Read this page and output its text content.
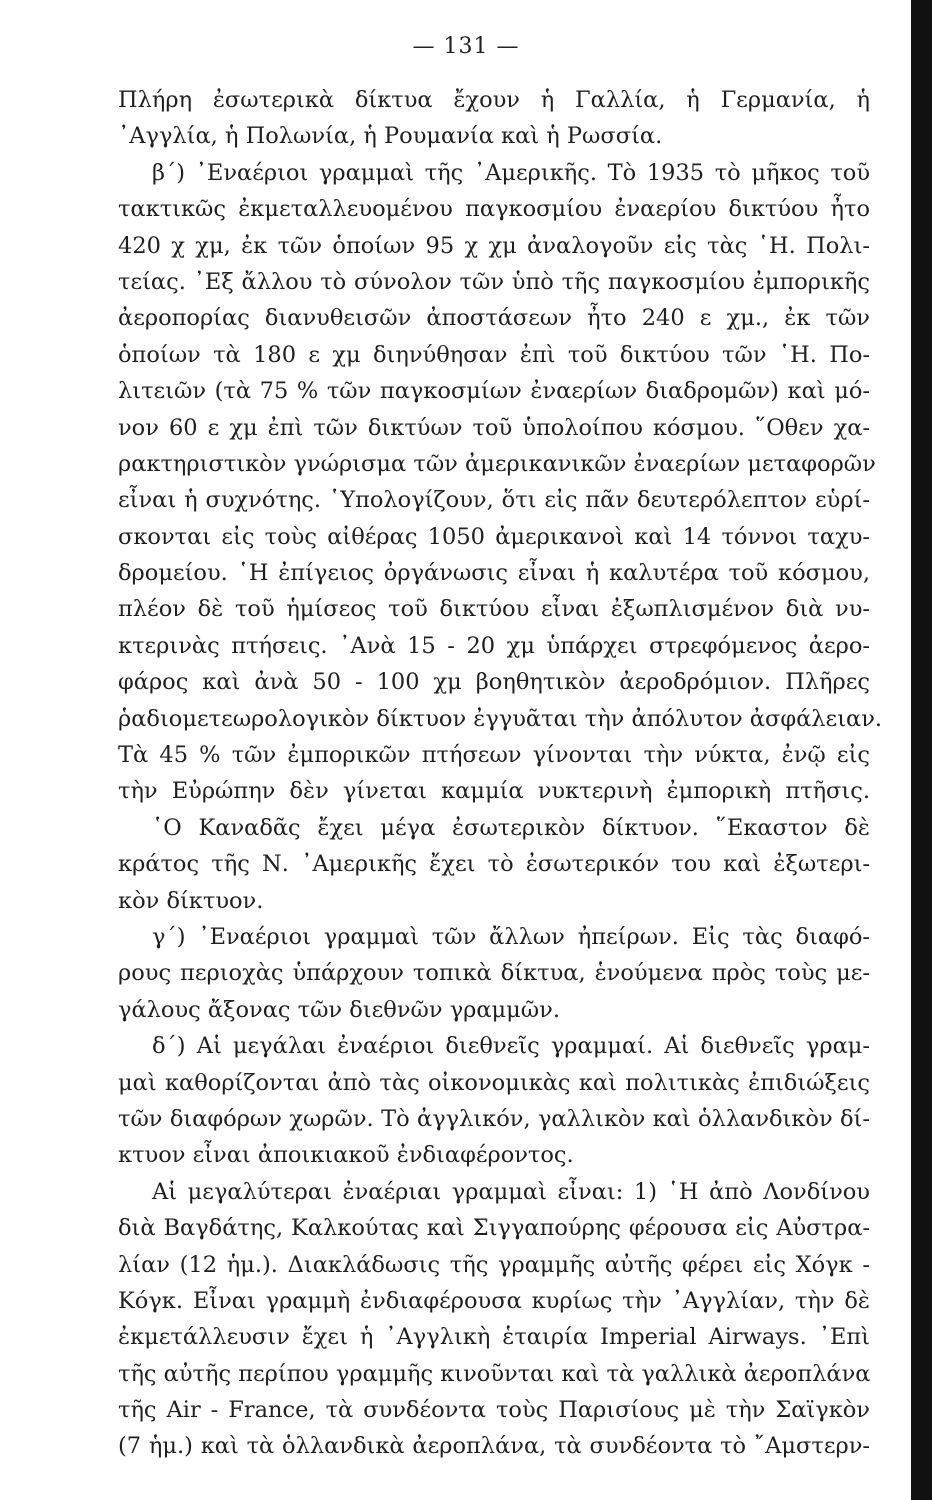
— 131 —
Πλήρη ἐσωτερικὰ δίκτυα ἔχουν ἡ Γαλλία, ἡ Γερμανία, ἡ
᾿Αγγλία, ἡ Πολωνία, ἡ Ρουμανία καὶ ἡ Ρωσσία.
β΄) ᾿Εναέριοι γραμμαὶ τῆς ᾿Αμερικῆς. Τὸ 1935 τὸ μῆκος τοῦ
τακτικῶς ἐκμεταλλευομένου παγκοσμίου ἐναερίου δικτύου ἦτο
420 χ χμ, ἐκ τῶν ὁποίων 95 χ χμ ἀναλογοῦν εἰς τὰς ῾Η. Πολι-
τείας. ᾿Εξ ἄλλου τὸ σύνολον τῶν ὑπὸ τῆς παγκοσμίου ἐμπορικῆς
ἀεροπορίας διανυθεισῶν ἀποστάσεων ἦτο 240 ε χμ., ἐκ τῶν
ὁποίων τὰ 180 ε χμ διηνύθησαν ἐπὶ τοῦ δικτύου τῶν ῾Η. Πο-
λιτειῶν (τὰ 75 % τῶν παγκοσμίων ἐναερίων διαδρομῶν) καὶ μό-
νον 60 ε χμ ἐπὶ τῶν δικτύων τοῦ ὑπολοίπου κόσμου. ῞Οθεν χα-
ρακτηριστικὸν γνώρισμα τῶν ἀμερικανικῶν ἐναερίων μεταφορῶν
εἶναι ἡ συχνότης. ῾Υπολογίζουν, ὅτι εἰς πᾶν δευτερόλεπτον εὑρί-
σκονται εἰς τοὺς αἰθέρας 1050 ἀμερικανοὶ καὶ 14 τόννοι ταχυ-
δρομείου. ῾Η ἐπίγειος ὀργάνωσις εἶναι ἡ καλυτέρα τοῦ κόσμου,
πλέον δὲ τοῦ ἡμίσεος τοῦ δικτύου εἶναι ἐξωπλισμένον διὰ νυ-
κτερινὰς πτήσεις. ᾿Ανὰ 15 - 20 χμ ὑπάρχει στρεφόμενος ἀερο-
φάρος καὶ ἀνὰ 50 - 100 χμ βοηθητικὸν ἀεροδρόμιον. Πλῆρες
ῥαδιομετεωρολογικὸν δίκτυον ἐγγυᾶται τὴν ἀπόλυτον ἀσφάλειαν.
Τὰ 45 % τῶν ἐμπορικῶν πτήσεων γίνονται τὴν νύκτα, ἐνῷ εἰς
τὴν Εὐρώπην δὲν γίνεται καμμία νυκτερινὴ ἐμπορικὴ πτῆσις.
῾Ο Καναδᾶς ἔχει μέγα ἐσωτερικὸν δίκτυον. ῞Εκαστον δὲ
κράτος τῆς Ν. ᾿Αμερικῆς ἔχει τὸ ἐσωτερικόν του καὶ ἐξωτερι-
κὸν δίκτυον.
γ΄) ᾿Εναέριοι γραμμαὶ τῶν ἄλλων ἠπείρων. Εἰς τὰς διαφό-
ρους περιοχὰς ὑπάρχουν τοπικὰ δίκτυα, ἑνούμενα πρὸς τοὺς με-
γάλους ἄξονας τῶν διεθνῶν γραμμῶν.
δ΄) Αἱ μεγάλαι ἐναέριοι διεθνεῖς γραμμαί. Αἱ διεθνεῖς γραμ-
μαὶ καθορίζονται ἀπὸ τὰς οἰκονομικὰς καὶ πολιτικὰς ἐπιδιώξεις
τῶν διαφόρων χωρῶν. Τὸ ἀγγλικόν, γαλλικὸν καὶ ὁλλανδικὸν δί-
κτυον εἶναι ἀποικιακοῦ ἐνδιαφέροντος.
Αἱ μεγαλύτεραι ἐναέριαι γραμμαὶ εἶναι: 1) ῾Η ἀπὸ Λονδίνου
διὰ Βαγδάτης, Καλκούτας καὶ Σιγγαπούρης φέρουσα εἰς Αὐστρα-
λίαν (12 ἡμ.). Διακλάδωσις τῆς γραμμῆς αὐτῆς φέρει εἰς Χόγκ -
Κόγκ. Εἶναι γραμμὴ ἐνδιαφέρουσα κυρίως τὴν ᾿Αγγλίαν, τὴν δὲ
ἐκμετάλλευσιν ἔχει ἡ ᾿Αγγλικὴ ἑταιρία Imperial Airways. ᾿Επὶ
τῆς αὐτῆς περίπου γραμμῆς κινοῦνται καὶ τὰ γαλλικὰ ἀεροπλάνα
τῆς Air - France, τὰ συνδέοντα τοὺς Παρισίους μὲ τὴν Σαϊγκὸν
(7 ἡμ.) καὶ τὰ ὁλλανδικὰ ἀεροπλάνα, τὰ συνδέοντα τὸ ῎Αμστερν-
